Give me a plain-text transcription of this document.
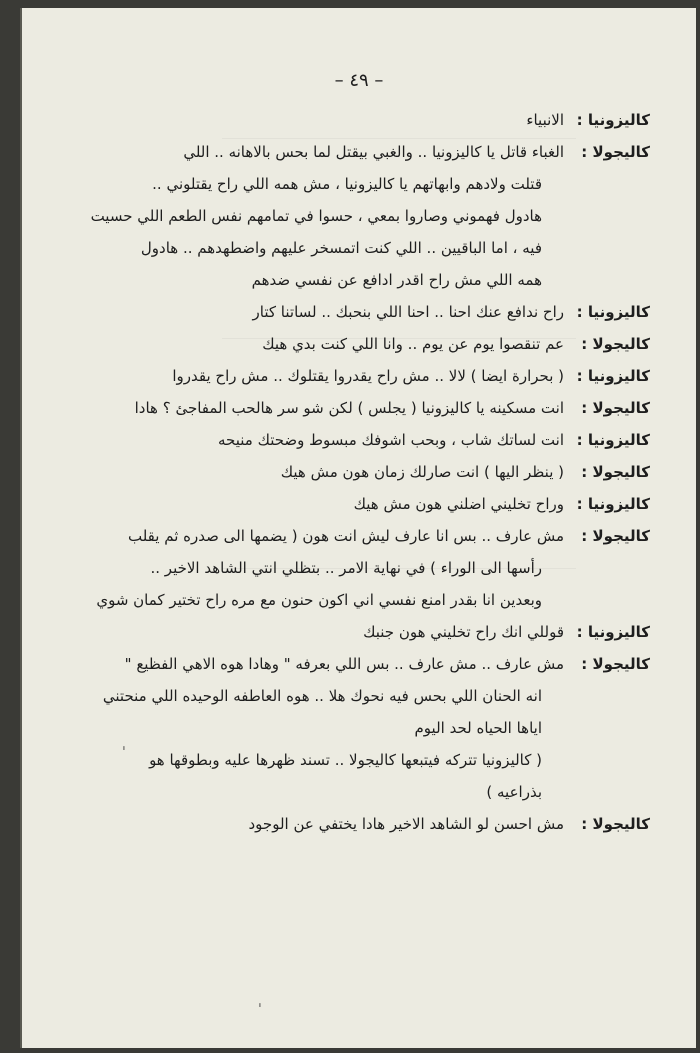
– ٤٩ –
كاليزونيا :
الانبياء
كاليجولا :
الغباء قاتل يا كاليزونيا .. والغبي بيقتل لما بحس بالاهانه .. اللي
قتلت ولادهم وابهاتهم يا كاليزونيا ، مش همه اللي راح يقتلوني ..
هادول فهموني وصاروا بمعي ، حسوا في تمامهم نفس الطعم اللي حسيت
فيه ، اما الباقيين .. اللي كنت اتمسخر عليهم واضطهدهم .. هادول
همه اللي مش راح اقدر ادافع عن نفسي ضدهم
كاليزونيا :
راح ندافع عنك احنا .. احنا اللي بنحبك .. لساتنا كتار
كاليجولا :
عم تنقصوا يوم عن يوم .. وانا اللي كنت بدي هيك
كاليزونيا :
( بحرارة ايضا ) لالا .. مش راح يقدروا يقتلوك .. مش راح يقدروا
كاليجولا :
انت مسكينه يا كاليزونيا ( يجلس ) لكن شو سر هالحب المفاجئ ؟ هادا
كاليزونيا :
انت لساتك شاب ، وبحب اشوفك مبسوط وضحتك منيحه
كاليجولا :
( ينظر اليها ) انت صارلك زمان هون مش هيك
كاليزونيا :
وراح تخليني اضلني هون مش هيك
كاليجولا :
مش عارف .. بس انا عارف ليش انت هون ( يضمها الى صدره ثم يقلب
رأسها الى الوراء ) في نهاية الامر .. بتظلي انتي الشاهد الاخير ..
وبعدين انا بقدر امنع نفسي اني اكون حنون مع مره راح تختير كمان شوي
كاليزونيا :
قوللي انك راح تخليني هون جنبك
كاليجولا :
مش عارف .. مش عارف .. بس اللي بعرفه " وهادا هوه الاهي الفظيع "
انه الحنان اللي بحس فيه نحوك هلا .. هوه العاطفه الوحيده اللي منحتني
اياها الحياه لحد اليوم
( كاليزونيا تتركه فيتبعها كاليجولا .. تسند ظهرها عليه وبطوقها هو
بذراعيه )
كاليجولا :
مش احسن لو الشاهد الاخير هادا يختفي عن الوجود
ˌ
ˌ
